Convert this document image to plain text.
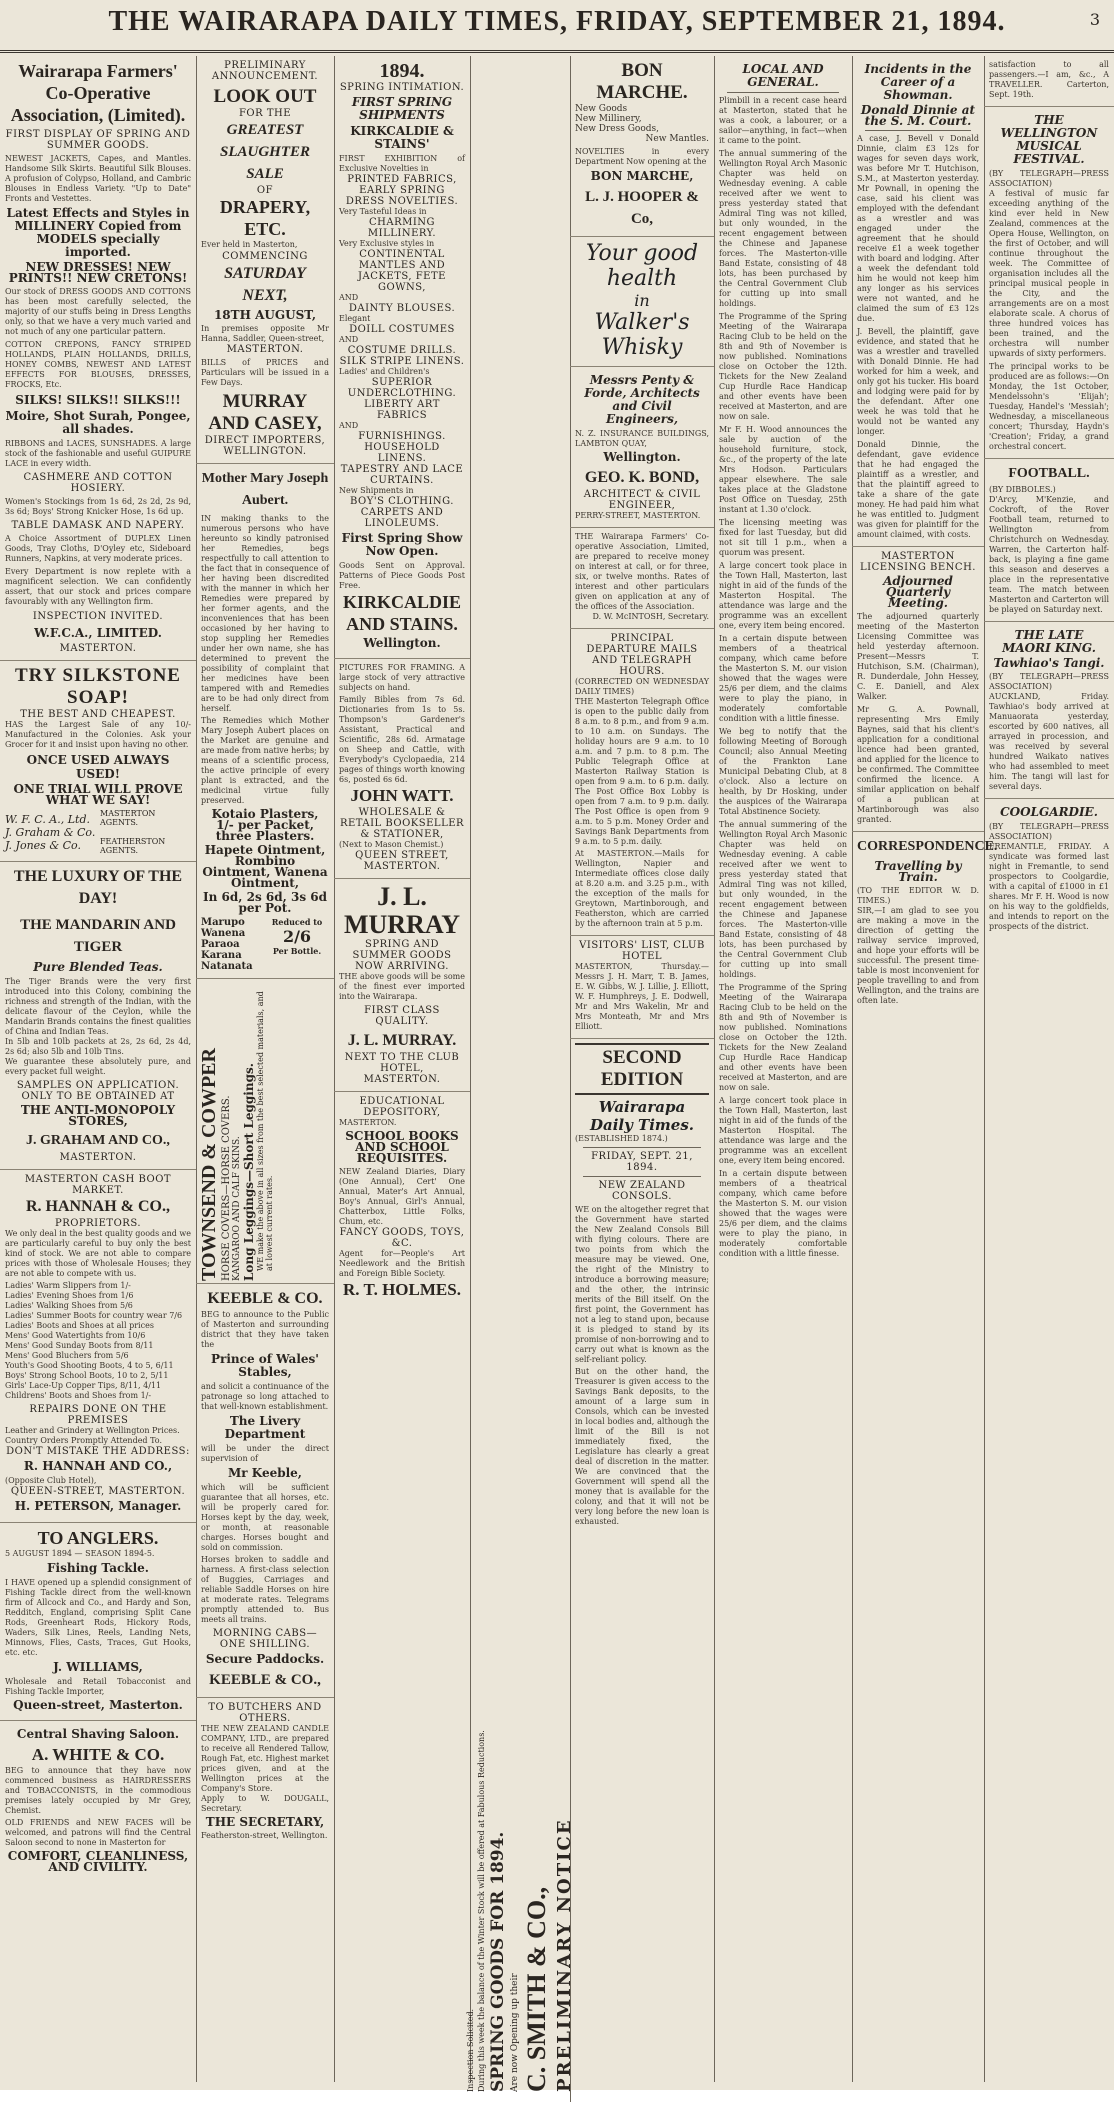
THE WAIRARAPA DAILY TIMES, FRIDAY, SEPTEMBER 21, 1894.	3
Wairarapa Farmers' Co-Operative Association, (Limited).
FIRST DISPLAY OF SPRING AND SUMMER GOODS.
NEWEST JACKETS, Capes, and Mantles. Handsome Silk Skirts. Beautiful Silk Blouses. A profusion of Colypso, Holland, and Cambric Blouses in Endless Variety. "Up to Date" Fronts and Vestettes.
Latest Effects and Styles in MILLINERY Copied from MODELS specially imported.
NEW DRESSES! NEW PRINTS!! NEW CRETONS!
Our stock of DRESS GOODS AND COTTONS has been most carefully selected, the majority of our stuffs being in Dress Lengths only, so that we have a very much varied and not much of any one particular pattern.
COTTON CREPONS, FANCY STRIPED HOLLANDS, PLAIN HOLLANDS, DRILLS, HONEY COMBS, NEWEST AND LATEST EFFECTS FOR BLOUSES, DRESSES, FROCKS, Etc.
SILKS! SILKS!! SILKS!!!
Moire, Shot Surah, Pongee, all shades.
RIBBONS and LACES, SUNSHADES. A large stock of the fashionable and useful GUIPURE LACE in every width.
CASHMERE AND COTTON HOSIERY.
Women's Stockings from 1s 6d, 2s 2d, 2s 9d, 3s 6d; Boys' Strong Knicker Hose, 1s 6d up.
TABLE DAMASK AND NAPERY.
A Choice Assortment of DUPLEX Linen Goods, Tray Cloths, D'Oyley etc, Sideboard Runners, Napkins, at very moderate prices.
Every Department is now replete with a magnificent selection. We can confidently assert, that our stock and prices compare favourably with any Wellington firm.
INSPECTION INVITED.
W.F.C.A., LIMITED.
MASTERTON.
TRY SILKSTONE SOAP!
THE BEST AND CHEAPEST.
HAS the Largest Sale of any 10/- Manufactured in the Colonies. Ask your Grocer for it and insist upon having no other.
ONCE USED ALWAYS USED!
ONE TRIAL WILL PROVE WHAT WE SAY!
W. F. C. A., Ltd.
J. Graham & Co.
J. Jones & Co.
MASTERTON AGENTS.
FEATHERSTON AGENTS.
THE LUXURY OF THE DAY!
THE MANDARIN AND TIGER
Pure Blended Teas.
The Tiger Brands were the very first introduced into this Colony, combining the richness and strength of the Indian, with the delicate flavour of the Ceylon, while the Mandarin Brands contains the finest qualities of China and Indian Teas.
In 5lb and 10lb packets at 2s, 2s 6d, 2s 4d, 2s 6d; also 5lb and 10lb Tins.
We guarantee these absolutely pure, and every packet full weight.
SAMPLES ON APPLICATION. ONLY TO BE OBTAINED AT
THE ANTI-MONOPOLY STORES,
J. GRAHAM AND CO.,
MASTERTON.
MASTERTON CASH BOOT MARKET.
R. HANNAH & CO.,
PROPRIETORS.
We only deal in the best quality goods and we are particularly careful to buy only the best kind of stock. We are not able to compare prices with those of Wholesale Houses; they are not able to compete with us.
Ladies' Warm Slippers from 1/-
Ladies' Evening Shoes from 1/6
Ladies' Walking Shoes from 5/6
Ladies' Summer Boots for country wear 7/6
Ladies' Boots and Shoes at all prices
Mens' Good Watertights from 10/6
Mens' Good Sunday Boots from 8/11
Mens' Good Bluchers from 5/6
Youth's Good Shooting Boots, 4 to 5, 6/11
Boys' Strong School Boots, 10 to 2, 5/11
Girls' Lace-Up Copper Tips, 8/11, 4/11
Childrens' Boots and Shoes from 1/-
REPAIRS DONE ON THE PREMISES
Leather and Grindery at Wellington Prices.
Country Orders Promptly Attended To.
DON'T MISTAKE THE ADDRESS:
R. HANNAH AND CO.,
(Opposite Club Hotel),
QUEEN-STREET, MASTERTON.
H. PETERSON, Manager.
TO ANGLERS.
5 AUGUST 1894 — SEASON 1894-5.
Fishing Tackle.
I HAVE opened up a splendid consignment of Fishing Tackle direct from the well-known firm of Allcock and Co., and Hardy and Son, Redditch, England, comprising Split Cane Rods, Greenheart Rods, Hickory Rods, Waders, Silk Lines, Reels, Landing Nets, Minnows, Flies, Casts, Traces, Gut Hooks, etc. etc.
J. WILLIAMS,
Wholesale and Retail Tobacconist and Fishing Tackle Importer,
Queen-street, Masterton.
Central Shaving Saloon.
A. WHITE & CO.
BEG to announce that they have now commenced business as HAIRDRESSERS and TOBACCONISTS, in the commodious premises lately occupied by Mr Grey, Chemist.
OLD FRIENDS and NEW FACES will be welcomed, and patrons will find the Central Saloon second to none in Masterton for
COMFORT, CLEANLINESS, AND CIVILITY.
PRELIMINARY ANNOUNCEMENT.
LOOK OUT
FOR THE
GREATEST SLAUGHTER SALE
OF
DRAPERY, ETC.
Ever held in Masterton,
COMMENCING
SATURDAY NEXT,
18TH AUGUST,
In premises opposite Mr Hanna, Saddler, Queen-street,
MASTERTON.
BILLS of PRICES and Particulars will be issued in a Few Days.
MURRAY AND CASEY,
DIRECT IMPORTERS,
WELLINGTON.
Mother Mary Joseph Aubert.
IN making thanks to the numerous persons who have hereunto so kindly patronised her Remedies, begs respectfully to call attention to the fact that in consequence of her having been discredited with the manner in which her Remedies were prepared by her former agents, and the inconveniences that has been occasioned by her having to stop suppling her Remedies under her own name, she has determined to prevent the possibility of complaint that her medicines have been tampered with and Remedies are to be had only direct from herself.
The Remedies which Mother Mary Joseph Aubert places on the Market are genuine and are made from native herbs; by means of a scientific process, the active principle of every plant is extracted, and the medicinal virtue fully preserved.
Kotaio Plasters, 1/- per Packet, three Plasters.
Hapete Ointment, Rombino Ointment, Wanena Ointment,
In 6d, 2s 6d, 3s 6d per Pot.
Marupo
Wanena
Paraoa
Karana
Natanata
Reduced to
2/6
Per Bottle.
TOWNSEND & COWPER HORSE COVERS—HORSE COVERS. KANGAROO AND CALF SKINS. Long Leggings—Short Leggings. WE make the above in all sizes from the best selected materials, and at lowest current rates.
KEEBLE & CO.
BEG to announce to the Public of Masterton and surrounding district that they have taken the
Prince of Wales' Stables,
and solicit a continuance of the patronage so long attached to that well-known establishment.
The Livery Department
will be under the direct supervision of
Mr Keeble,
which will be sufficient guarantee that all horses, etc. will be properly cared for. Horses kept by the day, week, or month, at reasonable charges. Horses bought and sold on commission.
Horses broken to saddle and harness. A first-class selection of Buggies, Carriages and reliable Saddle Horses on hire at moderate rates. Telegrams promptly attended to. Bus meets all trains.
MORNING CABS—ONE SHILLING.
Secure Paddocks.
KEEBLE & CO.,
TO BUTCHERS AND OTHERS.
THE NEW ZEALAND CANDLE COMPANY, LTD., are prepared to receive all Rendered Tallow, Rough Fat, etc. Highest market prices given, and at the Wellington prices at the Company's Store.
Apply to W. DOUGALL, Secretary.
THE SECRETARY,
Featherston-street, Wellington.
1894.
SPRING INTIMATION.
FIRST SPRING SHIPMENTS
KIRKCALDIE & STAINS'
FIRST EXHIBITION of Exclusive Novelties in
PRINTED FABRICS,
EARLY SPRING DRESS NOVELTIES.
Very Tasteful Ideas in
CHARMING MILLINERY.
Very Exclusive styles in
CONTINENTAL MANTLES AND JACKETS, FETE GOWNS,
AND
DAINTY BLOUSES.
Elegant
DOILL COSTUMES
AND
COSTUME DRILLS.
SILK STRIPE LINENS.
Ladies' and Children's
SUPERIOR UNDERCLOTHING.
LIBERTY ART FABRICS
AND
FURNISHINGS.
HOUSEHOLD LINENS.
TAPESTRY AND LACE CURTAINS.
New Shipments in
BOY'S CLOTHING.
CARPETS AND LINOLEUMS.
First Spring Show Now Open.
Goods Sent on Approval. Patterns of Piece Goods Post Free.
KIRKCALDIE AND STAINS.
Wellington.
PICTURES FOR FRAMING. A large stock of very attractive subjects on hand.
Family Bibles from 7s 6d. Dictionaries from 1s to 5s. Thompson's Gardener's Assistant, Practical and Scientific, 28s 6d. Armatage on Sheep and Cattle, with Everybody's Cyclopaedia, 214 pages of things worth knowing 6s, posted 6s 6d.
JOHN WATT.
WHOLESALE & RETAIL BOOKSELLER & STATIONER,
(Next to Mason Chemist.)
QUEEN STREET, MASTERTON.
J. L. MURRAY
SPRING AND SUMMER GOODS NOW ARRIVING.
THE above goods will be some of the finest ever imported into the Wairarapa.
FIRST CLASS QUALITY.
J. L. MURRAY.
NEXT TO THE CLUB HOTEL,
MASTERTON.
EDUCATIONAL DEPOSITORY,
MASTERTON.
SCHOOL BOOKS AND SCHOOL REQUISITES.
NEW Zealand Diaries, Diary (One Annual), Cert' One Annual, Mater's Art Annual, Boy's Annual, Girl's Annual, Chatterbox, Little Folks, Chum, etc.
FANCY GOODS, TOYS, &C.
Agent for—People's Art Needlework and the British and Foreign Bible Society.
R. T. HOLMES.
Inspection Solicited. During this week the balance of the Winter Stock will be offered at Fabulous Reductions. SPRING GOODS FOR 1894. Are now Opening up their C. SMITH & CO., PRELIMINARY NOTICE
BON MARCHE.
New Goods
New Millinery,
New Dress Goods,
New Mantles.
NOVELTIES in every Department Now opening at the
BON MARCHE,
L. J. HOOPER & Co,
Your good health
in
Walker's Whisky
Messrs Penty & Forde, Architects and Civil Engineers,
N. Z. INSURANCE BUILDINGS, LAMBTON QUAY,
Wellington.
GEO. K. BOND,
ARCHITECT & CIVIL ENGINEER,
PERRY-STREET, MASTERTON.
THE Wairarapa Farmers' Co-operative Association, Limited, are prepared to receive money on interest at call, or for three, six, or twelve months. Rates of interest and other particulars given on application at any of the offices of the Association.
D. W. McINTOSH, Secretary.
PRINCIPAL DEPARTURE MAILS AND TELEGRAPH HOURS.
(CORRECTED ON WEDNESDAY DAILY TIMES)
THE Masterton Telegraph Office is open to the public daily from 8 a.m. to 8 p.m., and from 9 a.m. to 10 a.m. on Sundays. The holiday hours are 9 a.m. to 10 a.m. and 7 p.m. to 8 p.m. The Public Telegraph Office at Masterton Railway Station is open from 9 a.m. to 6 p.m. daily. The Post Office Box Lobby is open from 7 a.m. to 9 p.m. daily. The Post Office is open from 9 a.m. to 5 p.m. Money Order and Savings Bank Departments from 9 a.m. to 5 p.m. daily.
At MASTERTON.—Mails for Wellington, Napier and Intermediate offices close daily at 8.20 a.m. and 3.25 p.m., with the exception of the mails for Greytown, Martinborough, and Featherston, which are carried by the afternoon train at 5 p.m.
VISITORS' LIST, CLUB HOTEL
MASTERTON, Thursday.—Messrs J. H. Marr, T. B. James, E. W. Gibbs, W. J. Lillie, J. Elliott, W. F. Humphreys, J. E. Dodwell, Mr and Mrs Wakelin, Mr and Mrs Monteath, Mr and Mrs Elliott.
SECOND EDITION
Wairarapa Daily Times.
(ESTABLISHED 1874.)
FRIDAY, SEPT. 21, 1894.
NEW ZEALAND CONSOLS.
WE on the altogether regret that the Government have started the New Zealand Consols Bill with flying colours. There are two points from which the measure may be viewed. One, the right of the Ministry to introduce a borrowing measure; and the other, the intrinsic merits of the Bill itself. On the first point, the Government has not a leg to stand upon, because it is pledged to stand by its promise of non-borrowing and to carry out what is known as the self-reliant policy.
But on the other hand, the Treasurer is given access to the Savings Bank deposits, to the amount of a large sum in Consols, which can be invested in local bodies and, although the limit of the Bill is not immediately fixed, the Legislature has clearly a great deal of discretion in the matter. We are convinced that the Government will spend all the money that is available for the colony, and that it will not be very long before the new loan is exhausted.
LOCAL AND GENERAL.
Plimbill in a recent case heard at Masterton, stated that he was a cook, a labourer, or a sailor—anything, in fact—when it came to the point.
The annual summering of the Wellington Royal Arch Masonic Chapter was held on Wednesday evening. A cable received after we went to press yesterday stated that Admiral Ting was not killed, but only wounded, in the recent engagement between the Chinese and Japanese forces. The Masterton-ville Band Estate, consisting of 48 lots, has been purchased by the Central Government Club for cutting up into small holdings.
The Programme of the Spring Meeting of the Wairarapa Racing Club to be held on the 8th and 9th of November is now published. Nominations close on October the 12th. Tickets for the New Zealand Cup Hurdle Race Handicap and other events have been received at Masterton, and are now on sale.
Mr F. H. Wood announces the sale by auction of the household furniture, stock, &c., of the property of the late Mrs Hodson. Particulars appear elsewhere. The sale takes place at the Gladstone Post Office on Tuesday, 25th instant at 1.30 o'clock.
The licensing meeting was fixed for last Tuesday, but did not sit till 1 p.m., when a quorum was present.
A large concert took place in the Town Hall, Masterton, last night in aid of the funds of the Masterton Hospital. The attendance was large and the programme was an excellent one, every item being encored.
In a certain dispute between members of a theatrical company, which came before the Masterton S. M. our vision showed that the wages were 25/6 per diem, and the claims were to play the piano, in moderately comfortable condition with a little finesse.
We beg to notify that the following Meeting of Borough Council; also Annual Meeting of the Frankton Lane Municipal Debating Club, at 8 o'clock. Also a lecture on health, by Dr Hosking, under the auspices of the Wairarapa Total Abstinence Society.
The annual summering of the Wellington Royal Arch Masonic Chapter was held on Wednesday evening. A cable received after we went to press yesterday stated that Admiral Ting was not killed, but only wounded, in the recent engagement between the Chinese and Japanese forces. The Masterton-ville Band Estate, consisting of 48 lots, has been purchased by the Central Government Club for cutting up into small holdings.
The Programme of the Spring Meeting of the Wairarapa Racing Club to be held on the 8th and 9th of November is now published. Nominations close on October the 12th. Tickets for the New Zealand Cup Hurdle Race Handicap and other events have been received at Masterton, and are now on sale.
A large concert took place in the Town Hall, Masterton, last night in aid of the funds of the Masterton Hospital. The attendance was large and the programme was an excellent one, every item being encored.
In a certain dispute between members of a theatrical company, which came before the Masterton S. M. our vision showed that the wages were 25/6 per diem, and the claims were to play the piano, in moderately comfortable condition with a little finesse.
Incidents in the Career of a Showman.
Donald Dinnie at the S. M. Court.
A case, J. Bevell v Donald Dinnie, claim £3 12s for wages for seven days work, was before Mr T. Hutchison, S.M., at Masterton yesterday. Mr Pownall, in opening the case, said his client was employed with the defendant as a wrestler and was engaged under the agreement that he should receive £1 a week together with board and lodging. After a week the defendant told him he would not keep him any longer as his services were not wanted, and he claimed the sum of £3 12s due.
J. Bevell, the plaintiff, gave evidence, and stated that he was a wrestler and travelled with Donald Dinnie. He had worked for him a week, and only got his tucker. His board and lodging were paid for by the defendant. After one week he was told that he would not be wanted any longer.
Donald Dinnie, the defendant, gave evidence that he had engaged the plaintiff as a wrestler, and that the plaintiff agreed to take a share of the gate money. He had paid him what he was entitled to. Judgment was given for plaintiff for the amount claimed, with costs.
MASTERTON LICENSING BENCH.
Adjourned Quarterly Meeting.
The adjourned quarterly meeting of the Masterton Licensing Committee was held yesterday afternoon. Present—Messrs T. Hutchison, S.M. (Chairman), R. Dunderdale, John Hessey, C. E. Daniell, and Alex Walker.
Mr G. A. Pownall, representing Mrs Emily Baynes, said that his client's application for a conditional licence had been granted, and applied for the licence to be confirmed. The Committee confirmed the licence. A similar application on behalf of a publican at Martinborough was also granted.
CORRESPONDENCE.
Travelling by Train.
(TO THE EDITOR W. D. TIMES.)
SIR,—I am glad to see you are making a move in the direction of getting the railway service improved, and hope your efforts will be successful. The present time-table is most inconvenient for people travelling to and from Wellington, and the trains are often late.
satisfaction to all passengers.—I am, &c., A TRAVELLER. Carterton, Sept. 19th.
THE WELLINGTON MUSICAL FESTIVAL.
(BY TELEGRAPH—PRESS ASSOCIATION)
A festival of music far exceeding anything of the kind ever held in New Zealand, commences at the Opera House, Wellington, on the first of October, and will continue throughout the week. The Committee of organisation includes all the principal musical people in the City, and the arrangements are on a most elaborate scale. A chorus of three hundred voices has been trained, and the orchestra will number upwards of sixty performers.
The principal works to be produced are as follows:—On Monday, the 1st October, Mendelssohn's 'Elijah'; Tuesday, Handel's 'Messiah'; Wednesday, a miscellaneous concert; Thursday, Haydn's 'Creation'; Friday, a grand orchestral concert.
FOOTBALL.
(BY DIBBOLES.)
D'Arcy, M'Kenzie, and Cockroft, of the Rover Football team, returned to Wellington from Christchurch on Wednesday. Warren, the Carterton half-back, is playing a fine game this season and deserves a place in the representative team. The match between Masterton and Carterton will be played on Saturday next.
THE LATE MAORI KING.
Tawhiao's Tangi.
(BY TELEGRAPH—PRESS ASSOCIATION)
AUCKLAND, Friday. Tawhiao's body arrived at Manuaorata yesterday, escorted by 600 natives, all arrayed in procession, and was received by several hundred Waikato natives who had assembled to meet him. The tangi will last for several days.
COOLGARDIE.
(BY TELEGRAPH—PRESS ASSOCIATION)
FREMANTLE, FRIDAY. A syndicate was formed last night in Fremantle, to send prospectors to Coolgardie, with a capital of £1000 in £1 shares. Mr F. H. Wood is now on his way to the goldfields, and intends to report on the prospects of the district.
